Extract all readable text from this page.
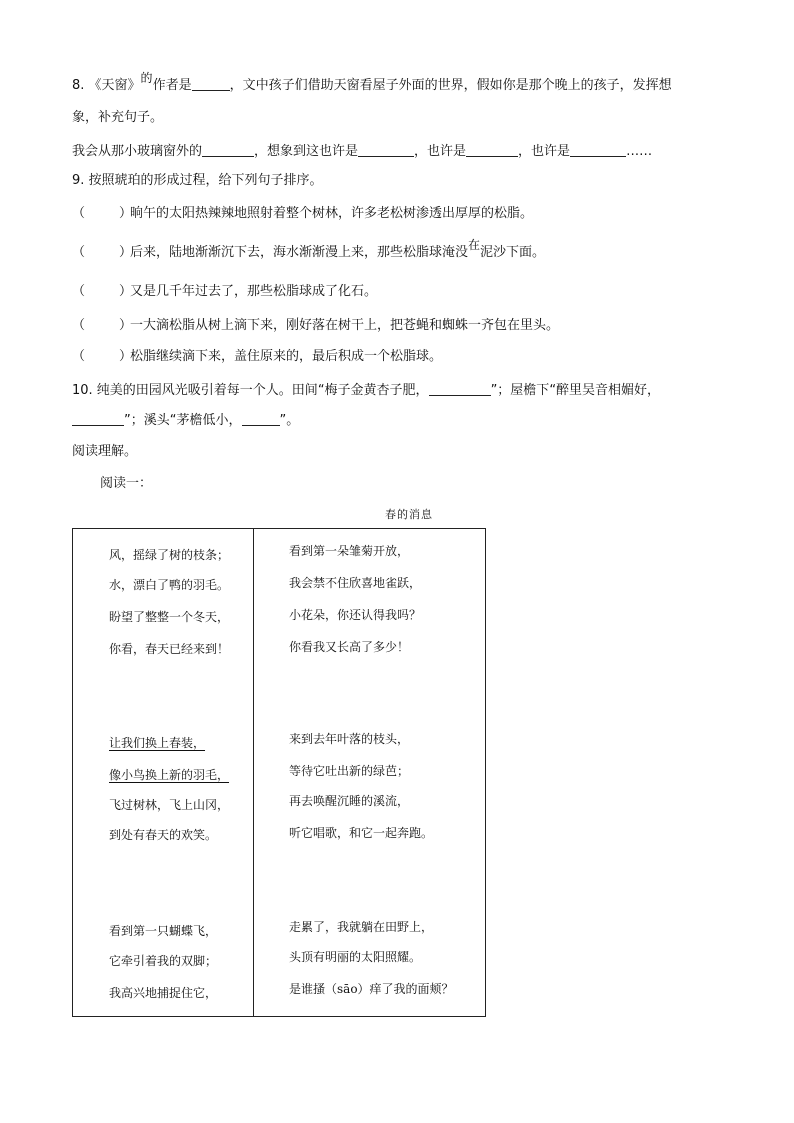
8. 《天窗》的作者是	，文中孩子们借助天窗看屋子外面的世界，假如你是那个晚上的孩子，发挥想
象，补充句子。
我会从那小玻璃窗外的	，想象到这也许是	，也许是	，也许是	……
9. 按照琥珀的形成过程，给下列句子排序。
（	）晌午的太阳热辣辣地照射着整个树林，许多老松树渗透出厚厚的松脂。
（	）后来，陆地渐渐沉下去，海水渐渐漫上来，那些松脂球淹没在泥沙下面。
（	）又是几千年过去了，那些松脂球成了化石。
（	）一大滴松脂从树上滴下来，刚好落在树干上，把苍蝇和蜘蛛一齐包在里头。
（	）松脂继续滴下来，盖住原来的，最后积成一个松脂球。
10. 纯美的田园风光吸引着每一个人。田间“梅子金黄杏子肥，	”；屋檐下“醉里吴音相媚好，
”；溪头“茅檐低小，	”。
阅读理解。
阅读一：
春的消息
风，摇绿了树的枝条；
水，漂白了鸭的羽毛。
盼望了整整一个冬天，
你看，春天已经来到！
让我们换上春装，
像小鸟换上新的羽毛，
飞过树林，飞上山冈，
到处有春天的欢笑。
看到第一只蝴蝶飞，
它牵引着我的双脚；
我高兴地捕捉住它，
看到第一朵雏菊开放，
我会禁不住欣喜地雀跃，
小花朵，你还认得我吗？
你看我又长高了多少！
来到去年叶落的枝头，
等待它吐出新的绿芭；
再去唤醒沉睡的溪流，
听它唱歌，和它一起奔跑。
走累了，我就躺在田野上，
头顶有明丽的太阳照耀。
是谁搔（sāo）痒了我的面颊？
